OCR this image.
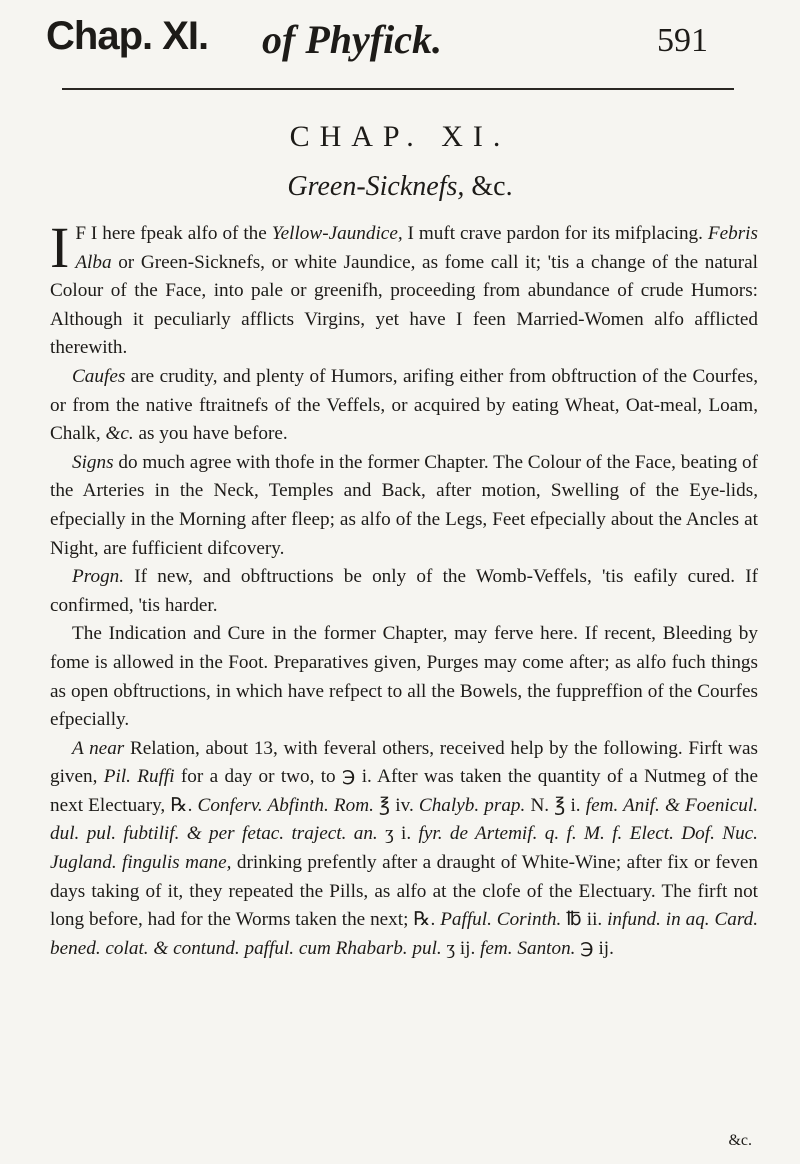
Chap. XI. of Phyfick.	591
CHAP. XI.
Green-Sicknefs, &c.

I F I here fpeak alfo of the Yellow-Jaundice, I muft crave pardon for its mifplacing. Febris Alba or Green-Sicknefs, or white Jaundice, as fome call it; 'tis a change of the natural Colour of the Face, into pale or greenifh, proceeding from abundance of crude Humors: Although it peculiarly afflicts Virgins, yet have I feen Married-Women alfo afflicted therewith.

Caufes are crudity, and plenty of Humors, arifing either from obftruction of the Courfes, or from the native ftraitnefs of the Veffels, or acquired by eating Wheat, Oat-meal, Loam, Chalk, &c. as you have before.

Signs do much agree with thofe in the former Chapter. The Colour of the Face, beating of the Arteries in the Neck, Temples and Back, after motion, Swelling of the Eye-lids, efpecially in the Morning after fleep; as alfo of the Legs, Feet efpecially about the Ancles at Night, are fufficient difcovery.

Progn. If new, and obftructions be only of the Womb-Veffels, 'tis eafily cured. If confirmed, 'tis harder.

The Indication and Cure in the former Chapter, may ferve here. If recent, Bleeding by fome is allowed in the Foot. Preparatives given, Purges may come after; as alfo fuch things as open obftructions, in which have refpect to all the Bowels, the fuppreffion of the Courfes efpecially.

A near Relation, about 13, with feveral others, received help by the following. Firft was given, Pil. Ruffi for a day or two, to ℈ i. After was taken the quantity of a Nutmeg of the next Electuary, ℞. Conferv. Abfinth. Rom. ℥ iv. Chalyb. prap. N. ℥ i. fem. Anif. & Foenicul. dul. pul. fubtilif. & per fetac. traject. an. ʒ i. fyr. de Artemif. q. f. M. f. Elect. Dof. Nuc. Jugland. fingulis mane, drinking prefently after a draught of White-Wine; after fix or feven days taking of it, they repeated the Pills, as alfo at the clofe of the Electuary. The firft not long before, had for the Worms taken the next; ℞. Pafful. Corinth. ℔ ii. infund. in aq. Card. bened. colat. & contund. pafful. cum Rhabarb. pul. ʒ ij. fem. Santon. ℈ ij.

&c.
